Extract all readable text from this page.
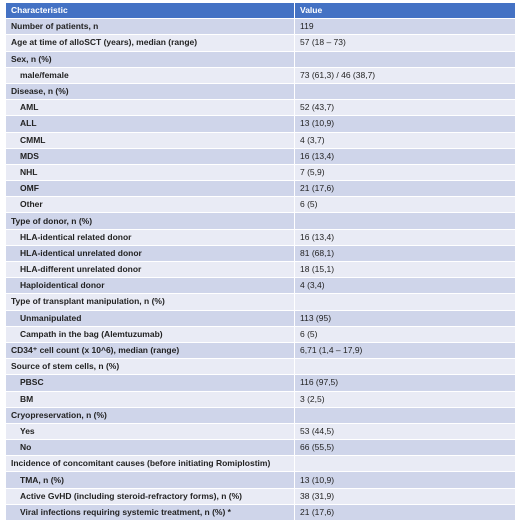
Characteristic	Value
Number of patients, n	119
Age at time of alloSCT (years), median (range)	57 (18 – 73)
Sex, n (%)	
male/female	73 (61,3) / 46 (38,7)
Disease, n (%)	
AML	52 (43,7)
ALL	13 (10,9)
CMML	4 (3,7)
MDS	16 (13,4)
NHL	7 (5,9)
OMF	21 (17,6)
Other	6 (5)
Type of donor, n (%)	
HLA-identical related donor	16 (13,4)
HLA-identical unrelated donor	81 (68,1)
HLA-different unrelated donor	18 (15,1)
Haploidentical donor	4 (3,4)
Type of transplant manipulation, n (%)	
Unmanipulated	113 (95)
Campath in the bag (Alemtuzumab)	6 (5)
CD34⁺ cell count (x 10^6), median (range)	6,71 (1,4 – 17,9)
Source of stem cells, n (%)	
PBSC	116 (97,5)
BM	3 (2,5)
Cryopreservation, n (%)	
Yes	53 (44,5)
No	66 (55,5)
Incidence of concomitant causes (before initiating Romiplostim)	
TMA, n (%)	13 (10,9)
Active GvHD (including steroid-refractory forms), n (%)	38 (31,9)
Viral infections requiring systemic treatment, n (%) *	21 (17,6)
